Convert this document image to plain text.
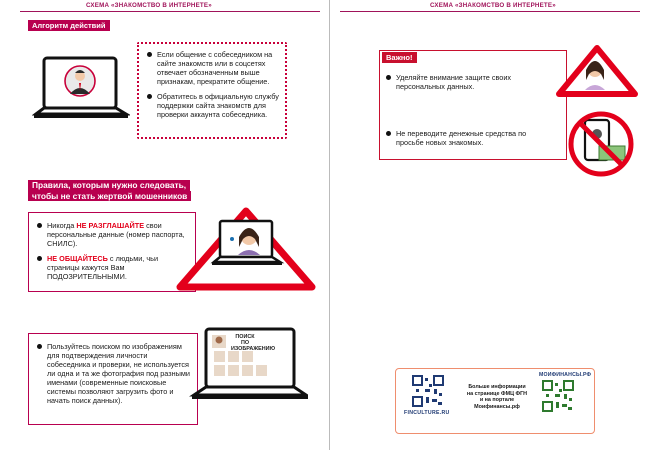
СХЕМА «ЗНАКОМСТВО В ИНТЕРНЕТЕ»	СХЕМА «ЗНАКОМСТВО В ИНТЕРНЕТЕ»
Алгоритм действий
Если общение с собеседником на сайте знакомств или в соцсетях отвечает обозначенным выше признакам, прекратите общение.
Обратитесь в официальную службу поддержки сайта знакомств для проверки аккаунта собеседника.
Правила, которым нужно следовать,
чтобы не стать жертвой мошенников
Никогда НЕ РАЗГЛАШАЙТЕ свои персональные данные (номер паспорта, СНИЛС).
НЕ ОБЩАЙТЕСЬ с людьми, чьи страницы кажутся Вам ПОДОЗРИТЕЛЬНЫМИ.
Пользуйтесь поиском по изображениям для подтверждения личности собеседника и проверки, не используется ли одна и та же фотография под разными именами (современные поисковые системы позволяют загрузить фото и начать поиск данных).
ПОИСК ПО
ИЗОБРАЖЕНИЮ
Важно!
Уделяйте внимание защите своих персональных данных.
Не переводите денежные средства по просьбе новых знакомых.
FINCULTURE.RU
Больше информации
на странице ФМЦ ФГН
и на портале
Моифинансы.рф
МОИФИНАНСЫ.РФ
